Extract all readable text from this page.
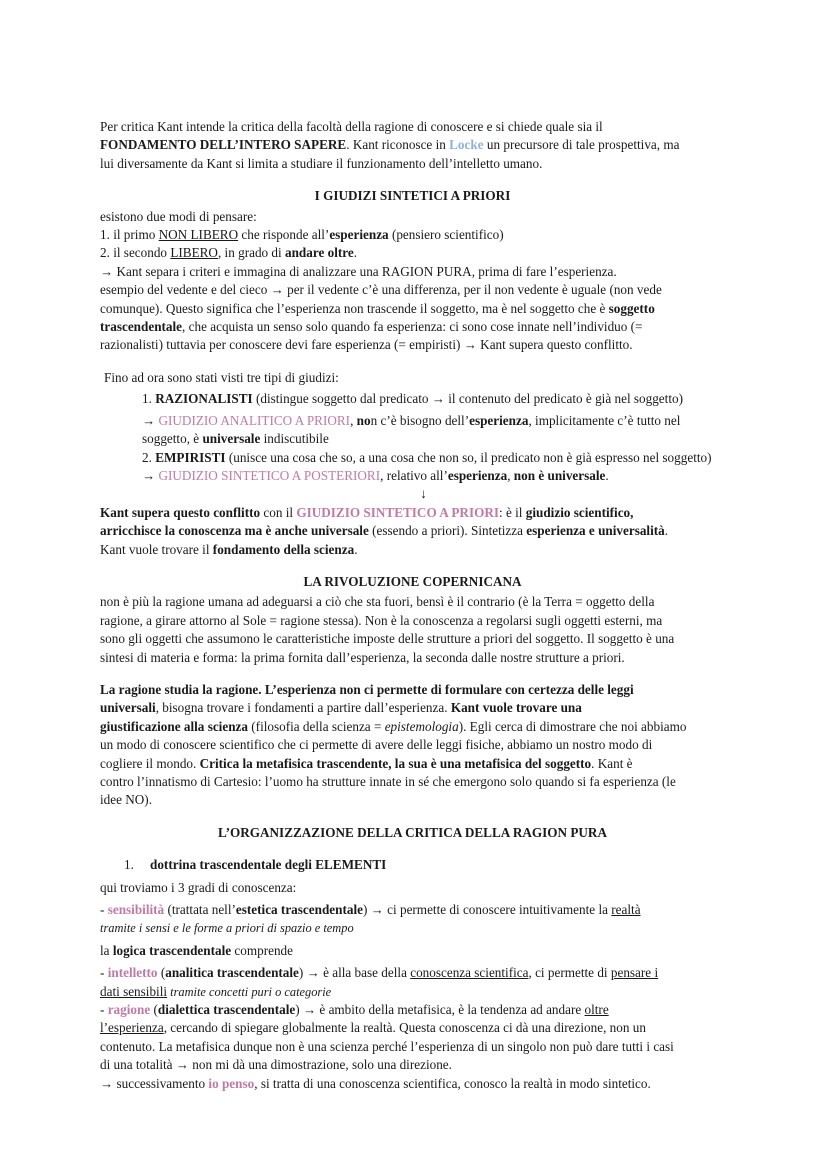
Per critica Kant intende la critica della facoltà della ragione di conoscere e si chiede quale sia il

FONDAMENTO DELL’INTERO SAPERE. Kant riconosce in Locke un precursore di tale prospettiva, ma

lui diversamente da Kant si limita a studiare il funzionamento dell’intelletto umano.

I GIUDIZI SINTETICI A PRIORI

esistono due modi di pensare:

1. il primo NON LIBERO che risponde all’esperienza (pensiero scientifico)

2. il secondo LIBERO, in grado di andare oltre.

→ Kant separa i criteri e immagina di analizzare una RAGION PURA, prima di fare l’esperienza.

esempio del vedente e del cieco → per il vedente c’è una differenza, per il non vedente è uguale (non vede

comunque). Questo significa che l’esperienza non trascende il soggetto, ma è nel soggetto che è soggetto

trascendentale, che acquista un senso solo quando fa esperienza: ci sono cose innate nell’individuo (=

razionalisti) tuttavia per conoscere devi fare esperienza (= empiristi) → Kant supera questo conflitto.

Fino ad ora sono stati visti tre tipi di giudizi:

1. RAZIONALISTI (distingue soggetto dal predicato → il contenuto del predicato è già nel soggetto)

→ GIUDIZIO ANALITICO A PRIORI, non c’è bisogno dell’esperienza, implicitamente c’è tutto nel

soggetto, è universale indiscutibile

2. EMPIRISTI (unisce una cosa che so, a una cosa che non so, il predicato non è già espresso nel soggetto)

→ GIUDIZIO SINTETICO A POSTERIORI, relativo all’esperienza, non è universale.

↓

Kant supera questo conflitto con il GIUDIZIO SINTETICO A PRIORI: è il giudizio scientifico,

arricchisce la conoscenza ma è anche universale (essendo a priori). Sintetizza esperienza e universalità.

Kant vuole trovare il fondamento della scienza.

LA RIVOLUZIONE COPERNICANA

non è più la ragione umana ad adeguarsi a ciò che sta fuori, bensì è il contrario (è la Terra = oggetto della

ragione, a girare attorno al Sole = ragione stessa). Non è la conoscenza a regolarsi sugli oggetti esterni, ma

sono gli oggetti che assumono le caratteristiche imposte delle strutture a priori del soggetto. Il soggetto è una

sintesi di materia e forma: la prima fornita dall’esperienza, la seconda dalle nostre strutture a priori.

La ragione studia la ragione. L’esperienza non ci permette di formulare con certezza delle leggi

universali, bisogna trovare i fondamenti a partire dall’esperienza. Kant vuole trovare una

giustificazione alla scienza (filosofia della scienza = epistemologia). Egli cerca di dimostrare che noi abbiamo

un modo di conoscere scientifico che ci permette di avere delle leggi fisiche, abbiamo un nostro modo di

cogliere il mondo. Critica la metafisica trascendente, la sua è una metafisica del soggetto. Kant è

contro l’innatismo di Cartesio: l’uomo ha strutture innate in sé che emergono solo quando si fa esperienza (le

idee NO).

L’ORGANIZZAZIONE DELLA CRITICA DELLA RAGION PURA

1. dottrina trascendentale degli ELEMENTI

qui troviamo i 3 gradi di conoscenza:

- sensibilità (trattata nell’estetica trascendentale) → ci permette di conoscere intuitivamente la realtà

tramite i sensi e le forme a priori di spazio e tempo

la logica trascendentale comprende

- intelletto (analitica trascendentale) → è alla base della conoscenza scientifica, ci permette di pensare i

dati sensibili tramite concetti puri o categorie

- ragione (dialettica trascendentale) → è ambito della metafisica, è la tendenza ad andare oltre

l’esperienza, cercando di spiegare globalmente la realtà. Questa conoscenza ci dà una direzione, non un

contenuto. La metafisica dunque non è una scienza perché l’esperienza di un singolo non può dare tutti i casi

di una totalità → non mi dà una dimostrazione, solo una direzione.

→ successivamento io penso, si tratta di una conoscenza scientifica, conosco la realtà in modo sintetico.
